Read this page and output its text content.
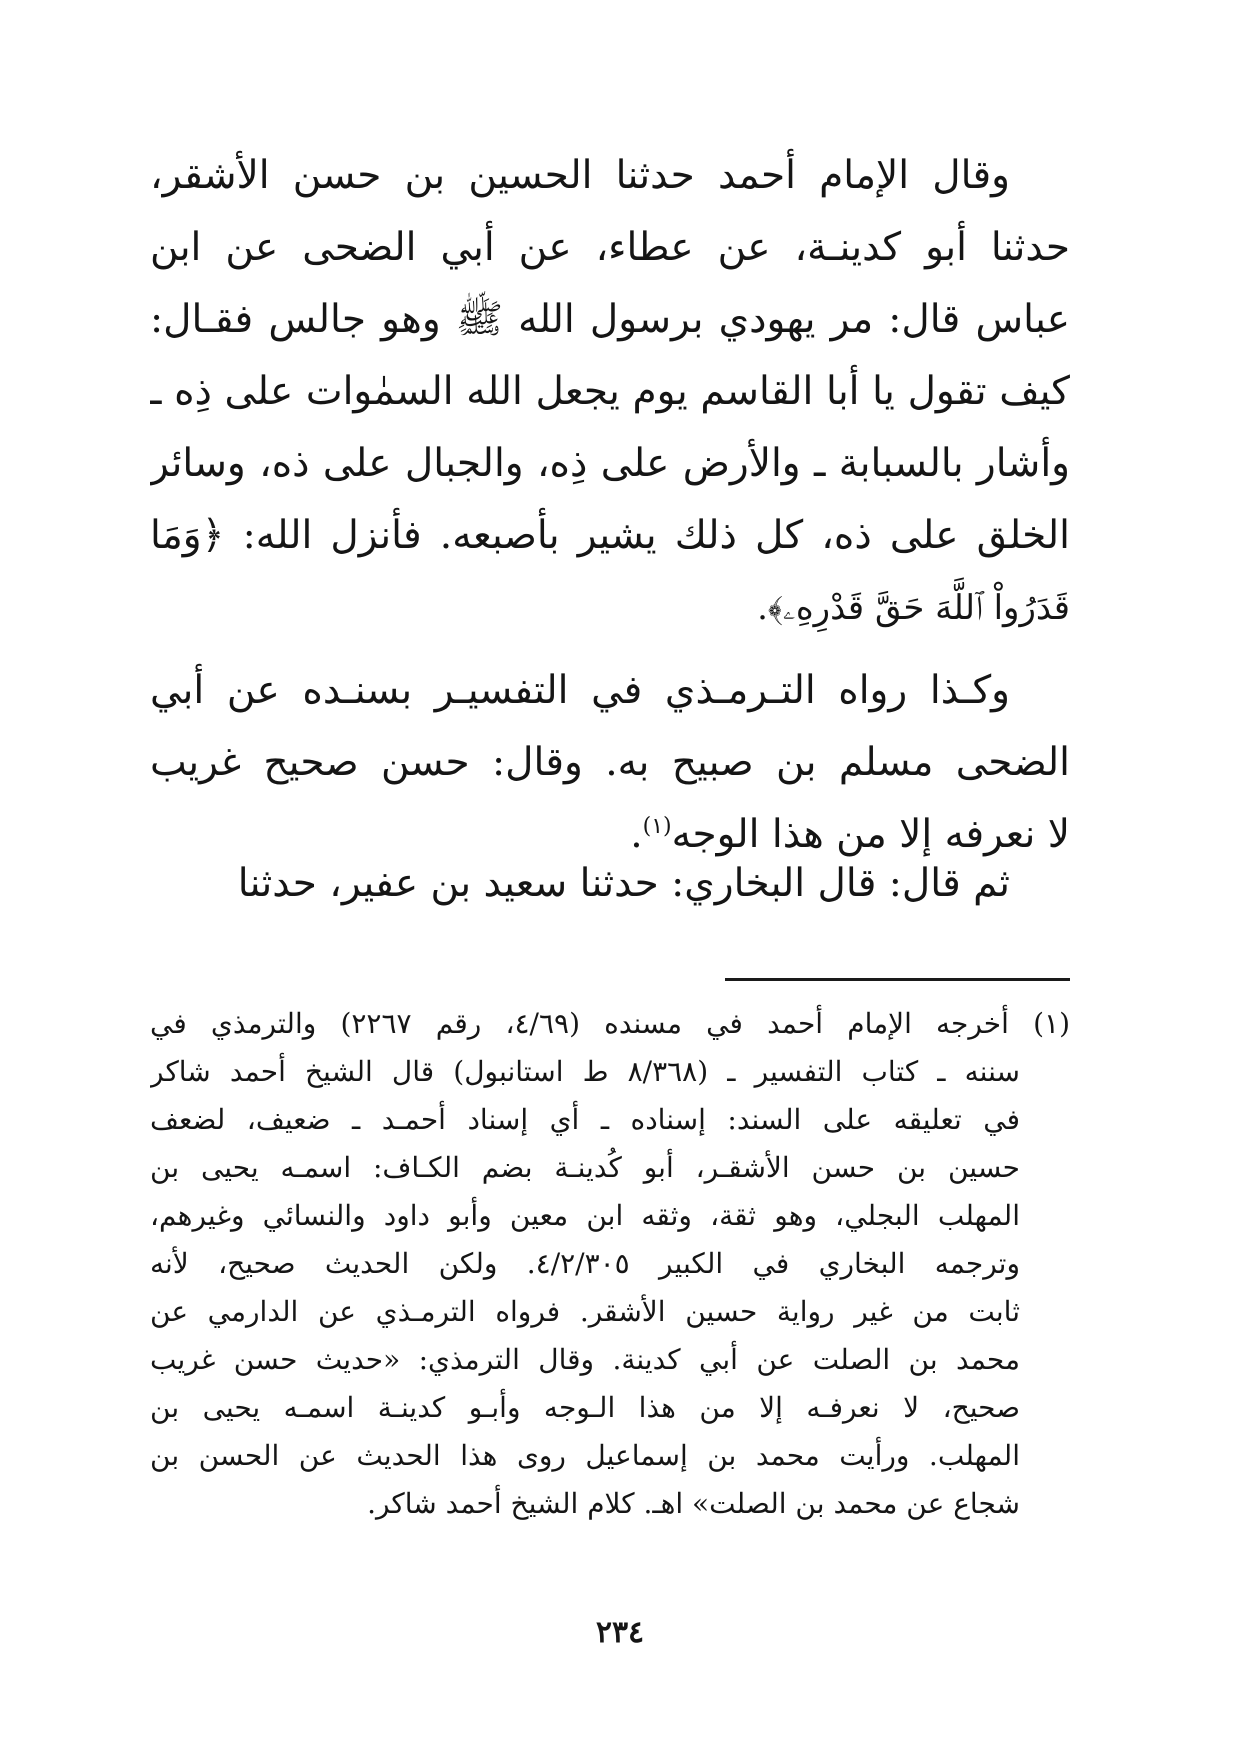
وقال الإمام أحمد حدثنا الحسين بن حسن الأشقر،
حدثنا أبو كدينـة، عن عطاء، عن أبي الضحى عن ابن
عباس قال: مر يهودي برسول الله ﷺ وهو جالس فقـال:
كيف تقول يا أبا القاسم يوم يجعل الله السمٰوات على ذِه ـ
وأشار بالسبابة ـ والأرض على ذِه، والجبال على ذه، وسائر
الخلق على ذه، كل ذلك يشير بأصبعه. فأنزل الله: ﴿وَمَا
قَدَرُواْ ٱللَّهَ حَقَّ قَدْرِهِۦ﴾.
وكـذا رواه التـرمـذي في التفسيـر بسنـده عن أبي
الضحى مسلم بن صبيح به. وقال: حسن صحيح غريب
لا نعرفه إلا من هذا الوجه$^{(١)}$.
ثم قال: قال البخاري: حدثنا سعيد بن عفير، حدثنا
(١) أخرجه الإمام أحمد في مسنده (٤/٦٩، رقم ٢٢٦٧) والترمذي في
سننه ـ كتاب التفسير ـ (٨/٣٦٨ ط استانبول) قال الشيخ أحمد شاكر
في تعليقه على السند: إسناده ـ أي إسناد أحمـد ـ ضعيف، لضعف
حسين بن حسن الأشقـر، أبو كُدينـة بضم الكـاف: اسمـه يحيى بن
المهلب البجلي، وهو ثقة، وثقه ابن معين وأبو داود والنسائي وغيرهم،
وترجمه البخاري في الكبير ٤/٢/٣٠٥. ولكن الحديث صحيح، لأنه
ثابت من غير رواية حسين الأشقر. فرواه الترمـذي عن الدارمي عن
محمد بن الصلت عن أبي كدينة. وقال الترمذي: «حديث حسن غريب
صحيح، لا نعرفـه إلا من هذا الـوجه وأبـو كدينـة اسمـه يحيى بن
المهلب. ورأيت محمد بن إسماعيل روى هذا الحديث عن الحسن بن
شجاع عن محمد بن الصلت» اهـ. كلام الشيخ أحمد شاكر.
٢٣٤
